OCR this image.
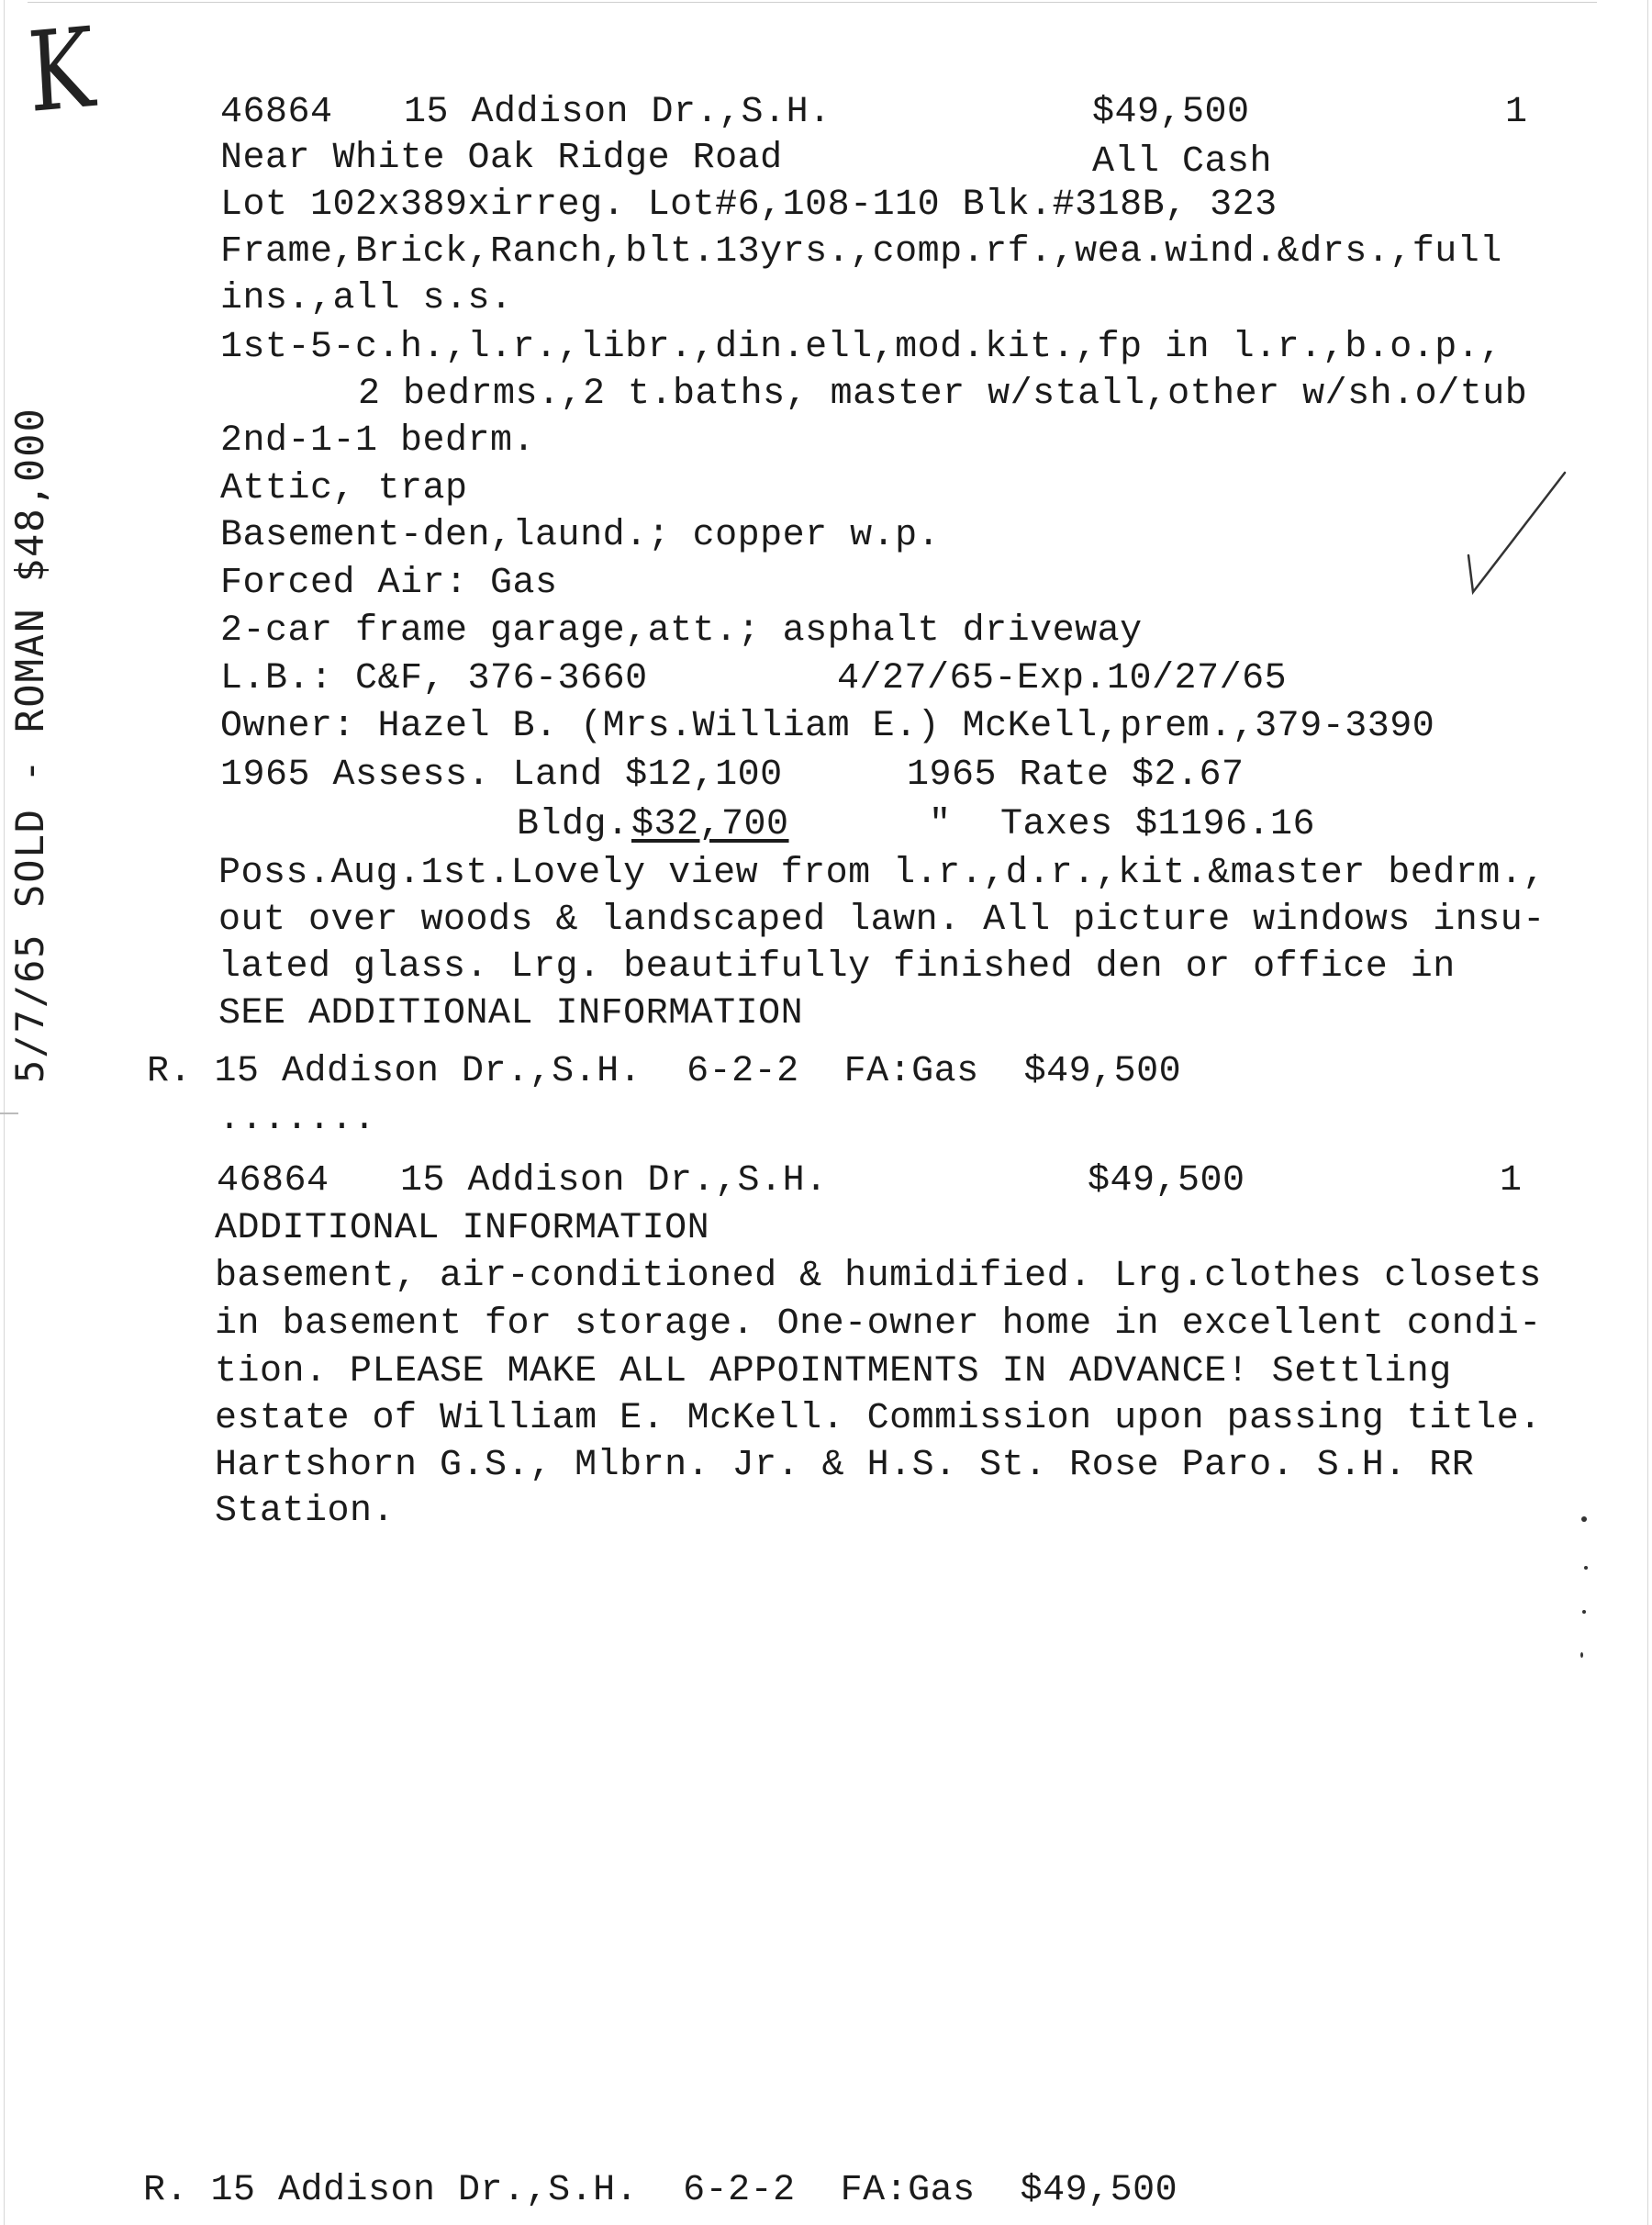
K
5/7/65 SOLD - ROMAN $48,000
46864 15 Addison Dr.,S.H.	$49,500	1
Near White Oak Ridge Road	All Cash
Lot 102x389xirreg. Lot#6,108-110 Blk.#318B, 323
Frame,Brick,Ranch,blt.13yrs.,comp.rf.,wea.wind.&drs.,full
ins.,all s.s.
1st-5-c.h.,l.r.,libr.,din.ell,mod.kit.,fp in l.r.,b.o.p.,
2 bedrms.,2 t.baths, master w/stall,other w/sh.o/tub
2nd-1-1 bedrm.
Attic, trap
Basement-den,laund.; copper w.p.
Forced Air: Gas
2-car frame garage,att.; asphalt driveway
L.B.: C&F, 376-3660	4/27/65-Exp.10/27/65
Owner: Hazel B. (Mrs.William E.) McKell,prem.,379-3390
1965 Assess. Land $12,100	1965 Rate $2.67
Bldg. $32,700	" Taxes $1196.16
Poss.Aug.1st.Lovely view from l.r.,d.r.,kit.&master bedrm.,
out over woods & landscaped lawn. All picture windows insu-
lated glass. Lrg. beautifully finished den or office in
SEE ADDITIONAL INFORMATION
R. 15 Addison Dr.,S.H.  6-2-2  FA:Gas  $49,500
.......
46864 15 Addison Dr.,S.H.	$49,500	1
ADDITIONAL INFORMATION
basement, air-conditioned & humidified. Lrg.clothes closets
in basement for storage. One-owner home in excellent condi-
tion. PLEASE MAKE ALL APPOINTMENTS IN ADVANCE! Settling
estate of William E. McKell. Commission upon passing title.
Hartshorn G.S., Mlbrn. Jr. & H.S. St. Rose Paro. S.H. RR
Station.
R. 15 Addison Dr.,S.H.  6-2-2  FA:Gas  $49,500
